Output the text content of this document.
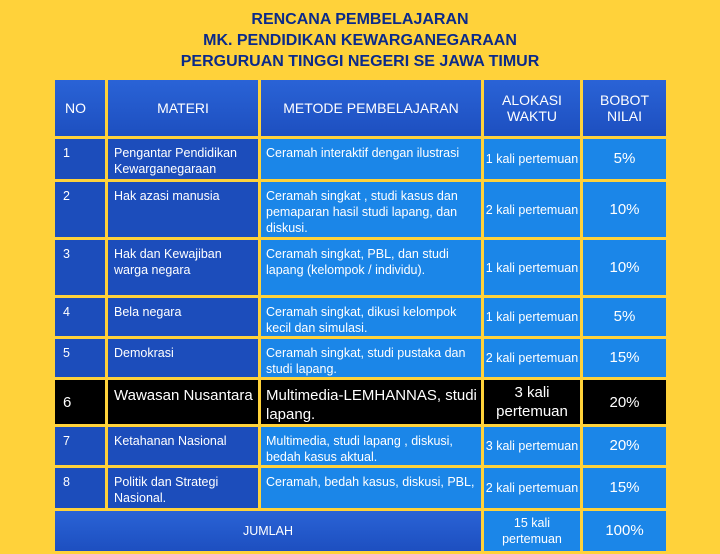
RENCANA PEMBELAJARAN
MK. PENDIDIKAN KEWARGANEGARAAN
PERGURUAN TINGGI NEGERI SE JAWA TIMUR
NO	MATERI	METODE PEMBELAJARAN	ALOKASI WAKTU	BOBOT NILAI
1	Pengantar Pendidikan Kewarganegaraan	Ceramah interaktif dengan ilustrasi	1 kali pertemuan	5%
2	Hak azasi manusia	Ceramah singkat , studi kasus dan pemaparan hasil studi lapang, dan diskusi.	2 kali pertemuan	10%
3	Hak dan Kewajiban warga negara	Ceramah singkat, PBL, dan studi lapang (kelompok / individu).	1 kali pertemuan	10%
4	Bela negara	Ceramah singkat, dikusi kelompok kecil dan simulasi.	1 kali pertemuan	5%
5	Demokrasi	Ceramah singkat, studi pustaka dan studi lapang.	2 kali pertemuan	15%
6	Wawasan Nusantara	Multimedia-LEMHANNAS, studi lapang.	3 kali pertemuan	20%
7	Ketahanan Nasional	Multimedia, studi lapang , diskusi, bedah kasus aktual.	3 kali pertemuan	20%
8	Politik dan Strategi Nasional.	Ceramah, bedah kasus, diskusi, PBL,	2 kali pertemuan	15%
JUMLAH			15 kali pertemuan	100%
